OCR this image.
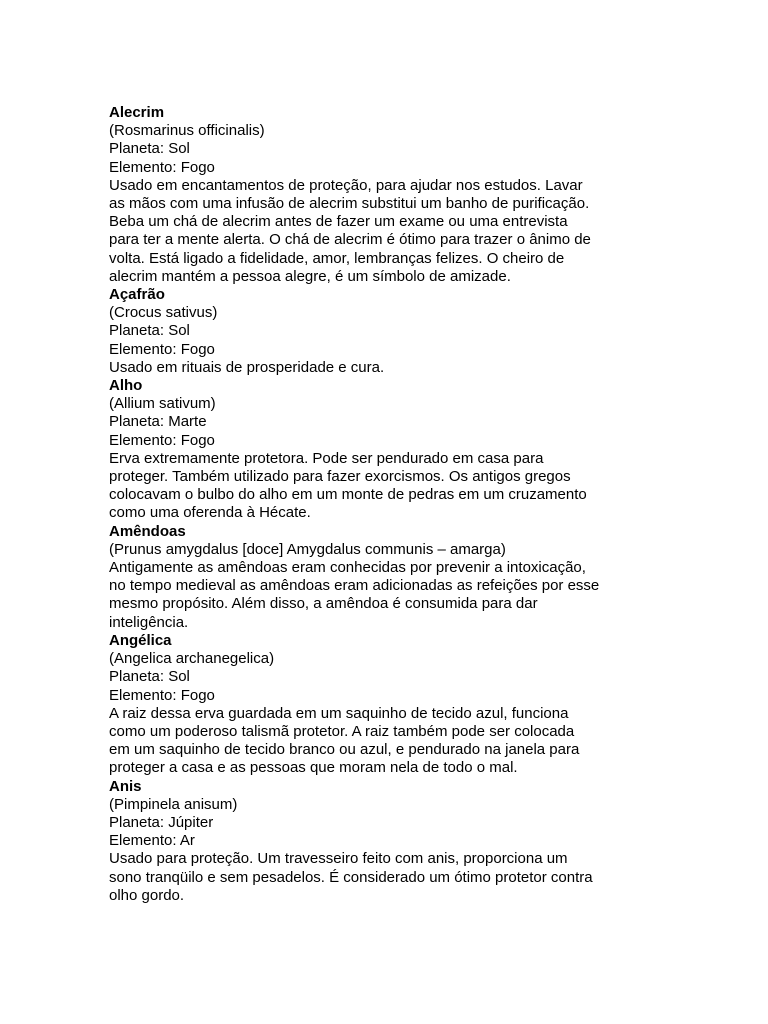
Alecrim

(Rosmarinus officinalis)

Planeta: Sol

Elemento: Fogo

Usado em encantamentos de proteção, para ajudar nos estudos. Lavar

as mãos com uma infusão de alecrim substitui um banho de purificação.

Beba um chá de alecrim antes de fazer um exame ou uma entrevista

para ter a mente alerta. O chá de alecrim é ótimo para trazer o ânimo de

volta. Está ligado a fidelidade, amor, lembranças felizes. O cheiro de

alecrim mantém a pessoa alegre, é um símbolo de amizade.

Açafrão

(Crocus sativus)

Planeta: Sol

Elemento: Fogo

Usado em rituais de prosperidade e cura.

Alho

(Allium sativum)

Planeta: Marte

Elemento: Fogo

Erva extremamente protetora. Pode ser pendurado em casa para

proteger. Também utilizado para fazer exorcismos. Os antigos gregos

colocavam o bulbo do alho em um monte de pedras em um cruzamento

como uma oferenda à Hécate.

Amêndoas

(Prunus amygdalus [doce] Amygdalus communis – amarga)

Antigamente as amêndoas eram conhecidas por prevenir a intoxicação,

no tempo medieval as amêndoas eram adicionadas as refeições por esse

mesmo propósito. Além disso, a amêndoa é consumida para dar

inteligência.

Angélica

(Angelica archanegelica)

Planeta: Sol

Elemento: Fogo

A raiz dessa erva guardada em um saquinho de tecido azul, funciona

como um poderoso talismã protetor. A raiz também pode ser colocada

em um saquinho de tecido branco ou azul, e pendurado na janela para

proteger a casa e as pessoas que moram nela de todo o mal.

Anis

(Pimpinela anisum)

Planeta: Júpiter

Elemento: Ar

Usado para proteção. Um travesseiro feito com anis, proporciona um

sono tranqüilo e sem pesadelos. É considerado um ótimo protetor contra

olho gordo.
